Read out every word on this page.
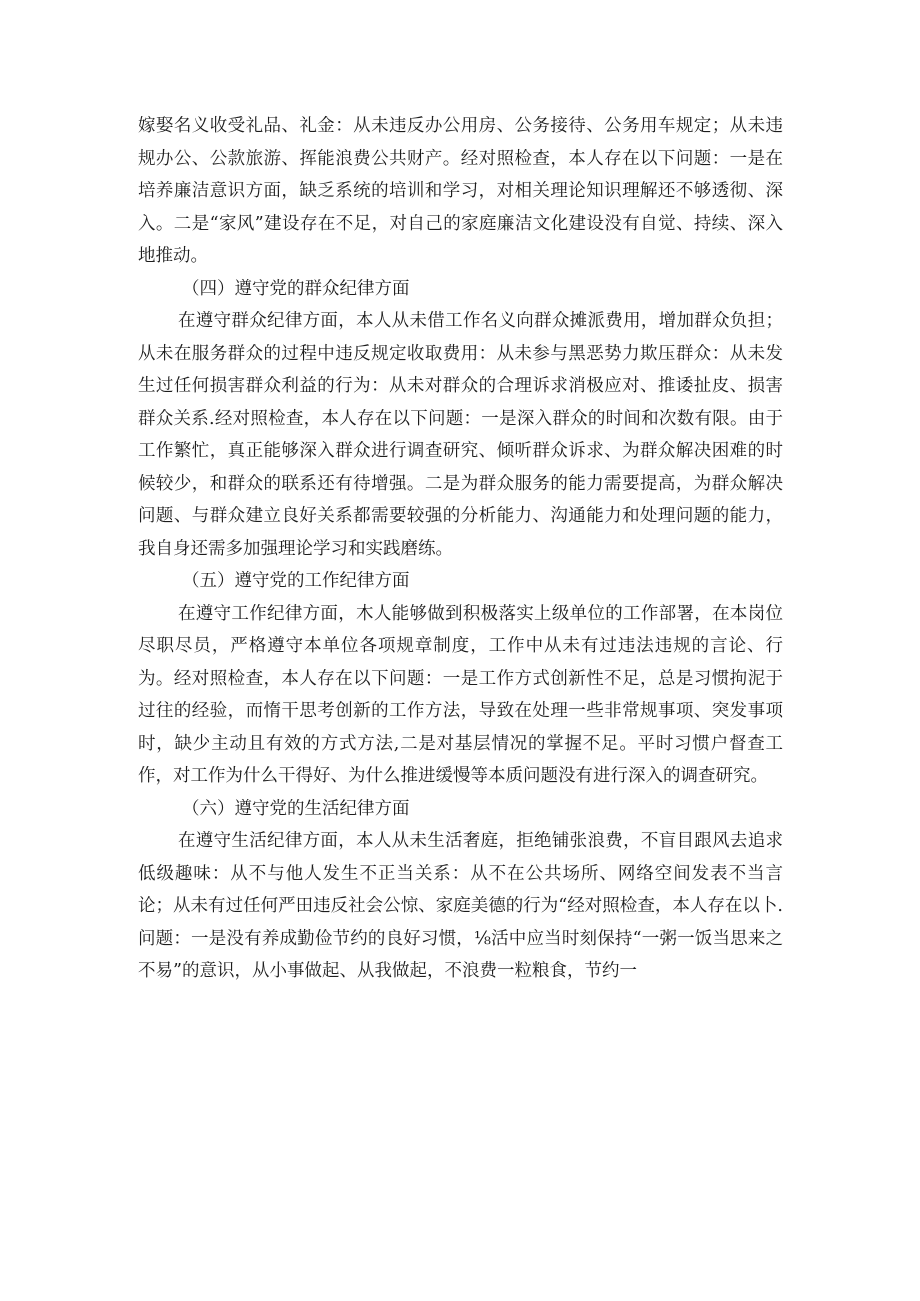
嫁娶名义收受礼品、礼金：从未违反办公用房、公务接待、公务用车规定；从未违规办公、公款旅游、挥能浪费公共财产。经对照检查，本人存在以下问题：一是在培养廉洁意识方面，缺乏系统的培训和学习，对相关理论知识理解还不够透彻、深入。二是“家风”建设存在不足，对自己的家庭廉洁文化建设没有自觉、持续、深入地推动。

（四）遵守党的群众纪律方面

在遵守群众纪律方面，本人从未借工作名义向群众摊派费用，增加群众负担；从未在服务群众的过程中违反规定收取费用：从未参与黑恶势力欺压群众：从未发生过任何损害群众利益的行为：从未对群众的合理诉求消极应对、推诿扯皮、损害群众关系.经对照检查，本人存在以下问题：一是深入群众的时间和次数有限。由于工作繁忙，真正能够深入群众进行调查研究、倾听群众诉求、为群众解决困难的时候较少，和群众的联系还有待增强。二是为群众服务的能力需要提高，为群众解决问题、与群众建立良好关系都需要较强的分析能力、沟通能力和处理问题的能力，我自身还需多加强理论学习和实践磨练。

（五）遵守党的工作纪律方面

在遵守工作纪律方面，木人能够做到积极落实上级单位的工作部署，在本岗位尽职尽员，严格遵守本单位各项规章制度，工作中从未有过违法违规的言论、行为。经对照检查，本人存在以下问题：一是工作方式创新性不足，总是习惯拘泥于过往的经验，而惰干思考创新的工作方法，导致在处理一些非常规事项、突发事项时，缺少主动且有效的方式方法,二是对基层情况的掌握不足。平时习惯户督查工作，对工作为什么干得好、为什么推进缓慢等本质问题没有进行深入的调查研究。

（六）遵守党的生活纪律方面

在遵守生活纪律方面，本人从未生活奢庭，拒绝铺张浪费，不盲目跟风去追求低级趣味：从不与他人发生不正当关系：从不在公共场所、网络空间发表不当言论；从未有过任何严田违反社会公惊、家庭美德的行为“经对照检查，本人存在以卜.问题：一是没有养成勤俭节约的良好习惯，⅛活中应当时刻保持“一粥一饭当思来之不易”的意识，从小事做起、从我做起，不浪费一粒粮食，节约一
